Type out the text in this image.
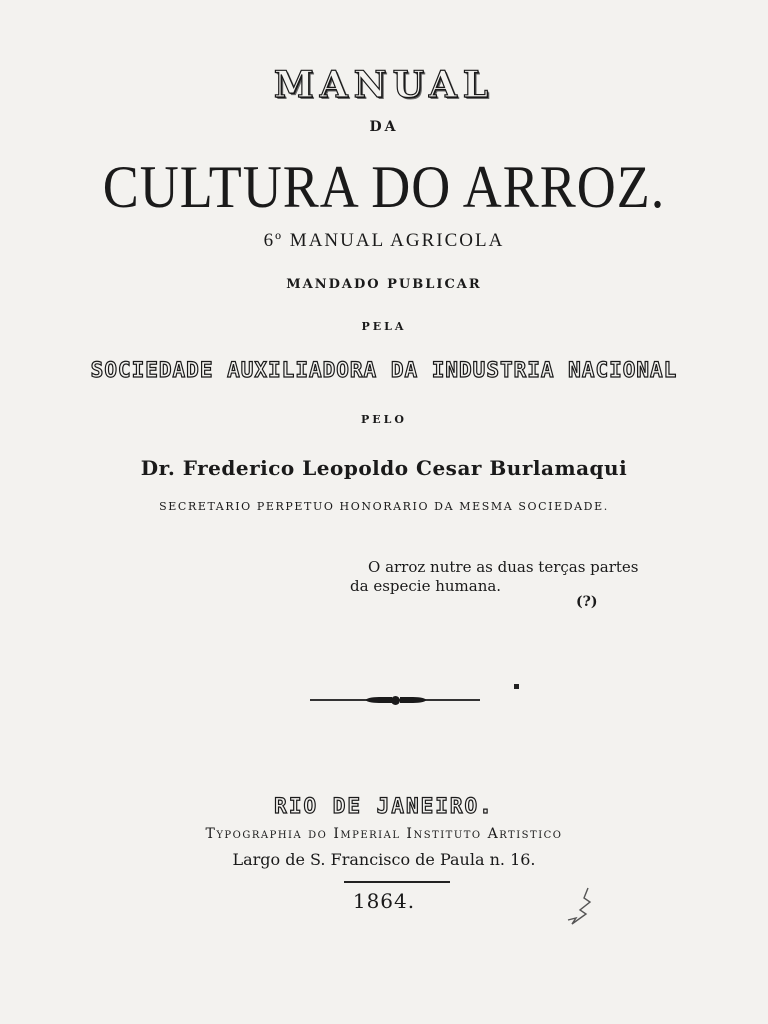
MANUAL
DA
CULTURA DO ARROZ.
6º MANUAL AGRICOLA
MANDADO PUBLICAR
PELA
SOCIEDADE AUXILIADORA DA INDUSTRIA NACIONAL
PELO
Dr. Frederico Leopoldo Cesar Burlamaqui
SECRETARIO PERPETUO HONORARIO DA MESMA SOCIEDADE.
O arroz nutre as duas terças partes
da especie humana.
(?)
RIO DE JANEIRO.
Typographia do Imperial Instituto Artistico
Largo de S. Francisco de Paula n. 16.
1864.
